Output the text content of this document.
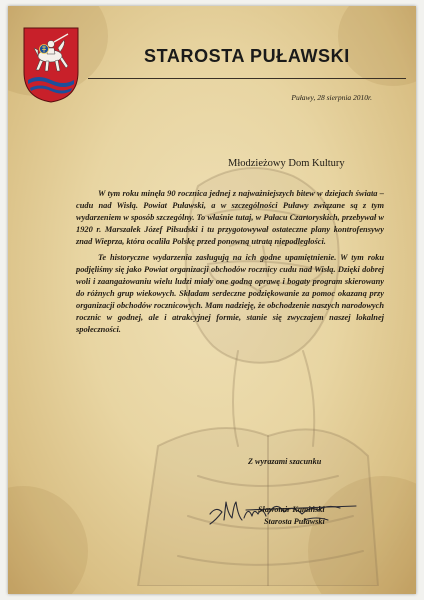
STAROSTA PUŁAWSKI
Puławy, 28 sierpnia 2010r.
Młodzieżowy Dom Kultury

W tym roku minęła 90 rocznica jednej z najważniejszych bitew w dziejach świata – cudu nad Wisłą. Powiat Puławski, a w szczególności Puławy związane są z tym wydarzeniem w sposób szczególny. To właśnie tutaj, w Pałacu Czartoryskich, przebywał w 1920 r. Marszałek Józef Piłsudski i tu przygotowywał ostateczne plany kontrofensywy znad Wieprza, która ocaliła Polskę przed ponowną utratą niepodległości.

Te historyczne wydarzenia zasługują na ich godne upamiętnienie. W tym roku podjęliśmy się jako Powiat organizacji obchodów rocznicy cudu nad Wisłą. Dzięki dobrej woli i zaangażowaniu wielu ludzi miały one godną oprawę i bogaty program skierowany do różnych grup wiekowych. Składam serdeczne podziękowanie za pomoc okazaną przy organizacji obchodów rocznicowych. Mam nadzieję, że obchodzenie naszych narodowych rocznic w godnej, ale i atrakcyjnej formie, stanie się zwyczajem naszej lokalnej społeczności.

Z wyrazami szacunku
Sławomir Kamiński
Starosta Puławski
